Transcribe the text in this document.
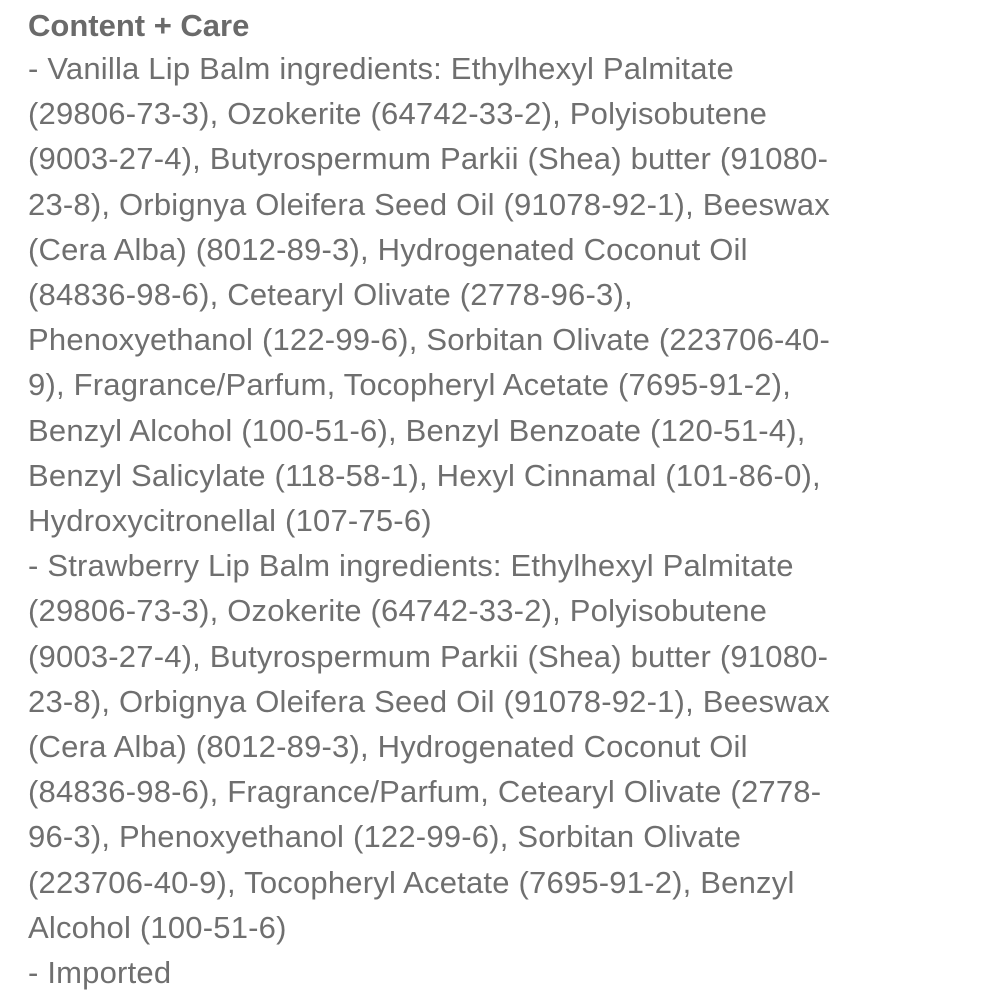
Content + Care

- Vanilla Lip Balm ingredients: Ethylhexyl Palmitate

(29806-73-3), Ozokerite (64742-33-2), Polyisobutene

(9003-27-4), Butyrospermum Parkii (Shea) butter (91080-

23-8), Orbignya Oleifera Seed Oil (91078-92-1), Beeswax

(Cera Alba) (8012-89-3), Hydrogenated Coconut Oil

(84836-98-6), Cetearyl Olivate (2778-96-3),

Phenoxyethanol (122-99-6), Sorbitan Olivate (223706-40-

9), Fragrance/Parfum, Tocopheryl Acetate (7695-91-2),

Benzyl Alcohol (100-51-6), Benzyl Benzoate (120-51-4),

Benzyl Salicylate (118-58-1), Hexyl Cinnamal (101-86-0),

Hydroxycitronellal (107-75-6)

- Strawberry Lip Balm ingredients: Ethylhexyl Palmitate

(29806-73-3), Ozokerite (64742-33-2), Polyisobutene

(9003-27-4), Butyrospermum Parkii (Shea) butter (91080-

23-8), Orbignya Oleifera Seed Oil (91078-92-1), Beeswax

(Cera Alba) (8012-89-3), Hydrogenated Coconut Oil

(84836-98-6), Fragrance/Parfum, Cetearyl Olivate (2778-

96-3), Phenoxyethanol (122-99-6), Sorbitan Olivate

(223706-40-9), Tocopheryl Acetate (7695-91-2), Benzyl

Alcohol (100-51-6)

- Imported
